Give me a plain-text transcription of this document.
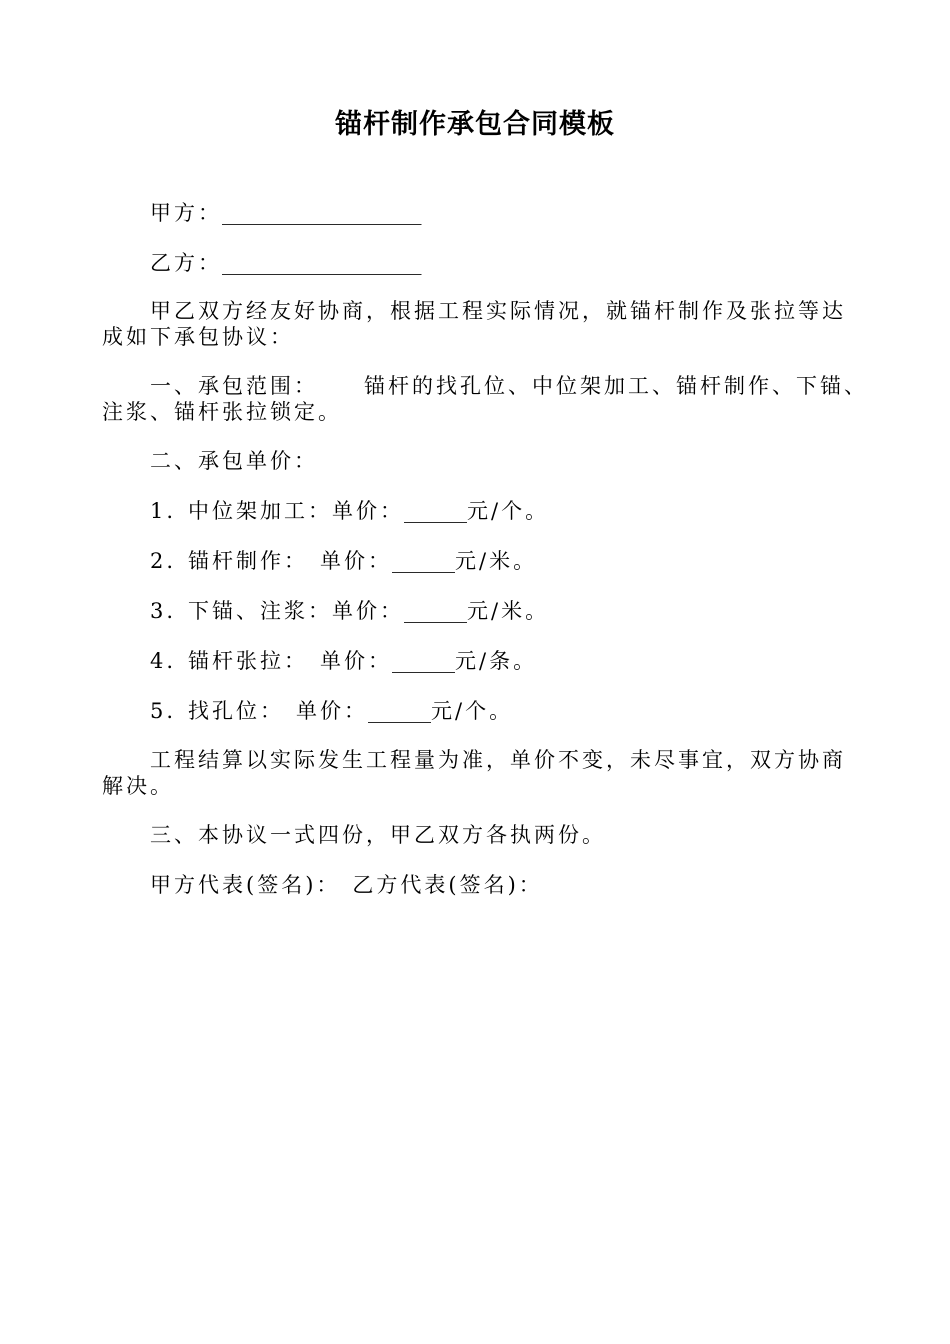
锚杆制作承包合同模板
甲方：___________________
乙方：___________________
甲乙双方经友好协商，根据工程实际情况，就锚杆制作及张拉等达
成如下承包协议：
一、承包范围： 锚杆的找孔位、中位架加工、锚杆制作、下锚、
注浆、锚杆张拉锁定。
二、承包单价：
1. 中位架加工：单价：______元/个。
2. 锚杆制作： 单价：______元/米。
3. 下锚、注浆：单价：______元/米。
4. 锚杆张拉： 单价：______元/条。
5. 找孔位： 单价：______元/个。
工程结算以实际发生工程量为准，单价不变，未尽事宜，双方协商
解决。
三、本协议一式四份，甲乙双方各执两份。
甲方代表(签名)： 乙方代表(签名)：
